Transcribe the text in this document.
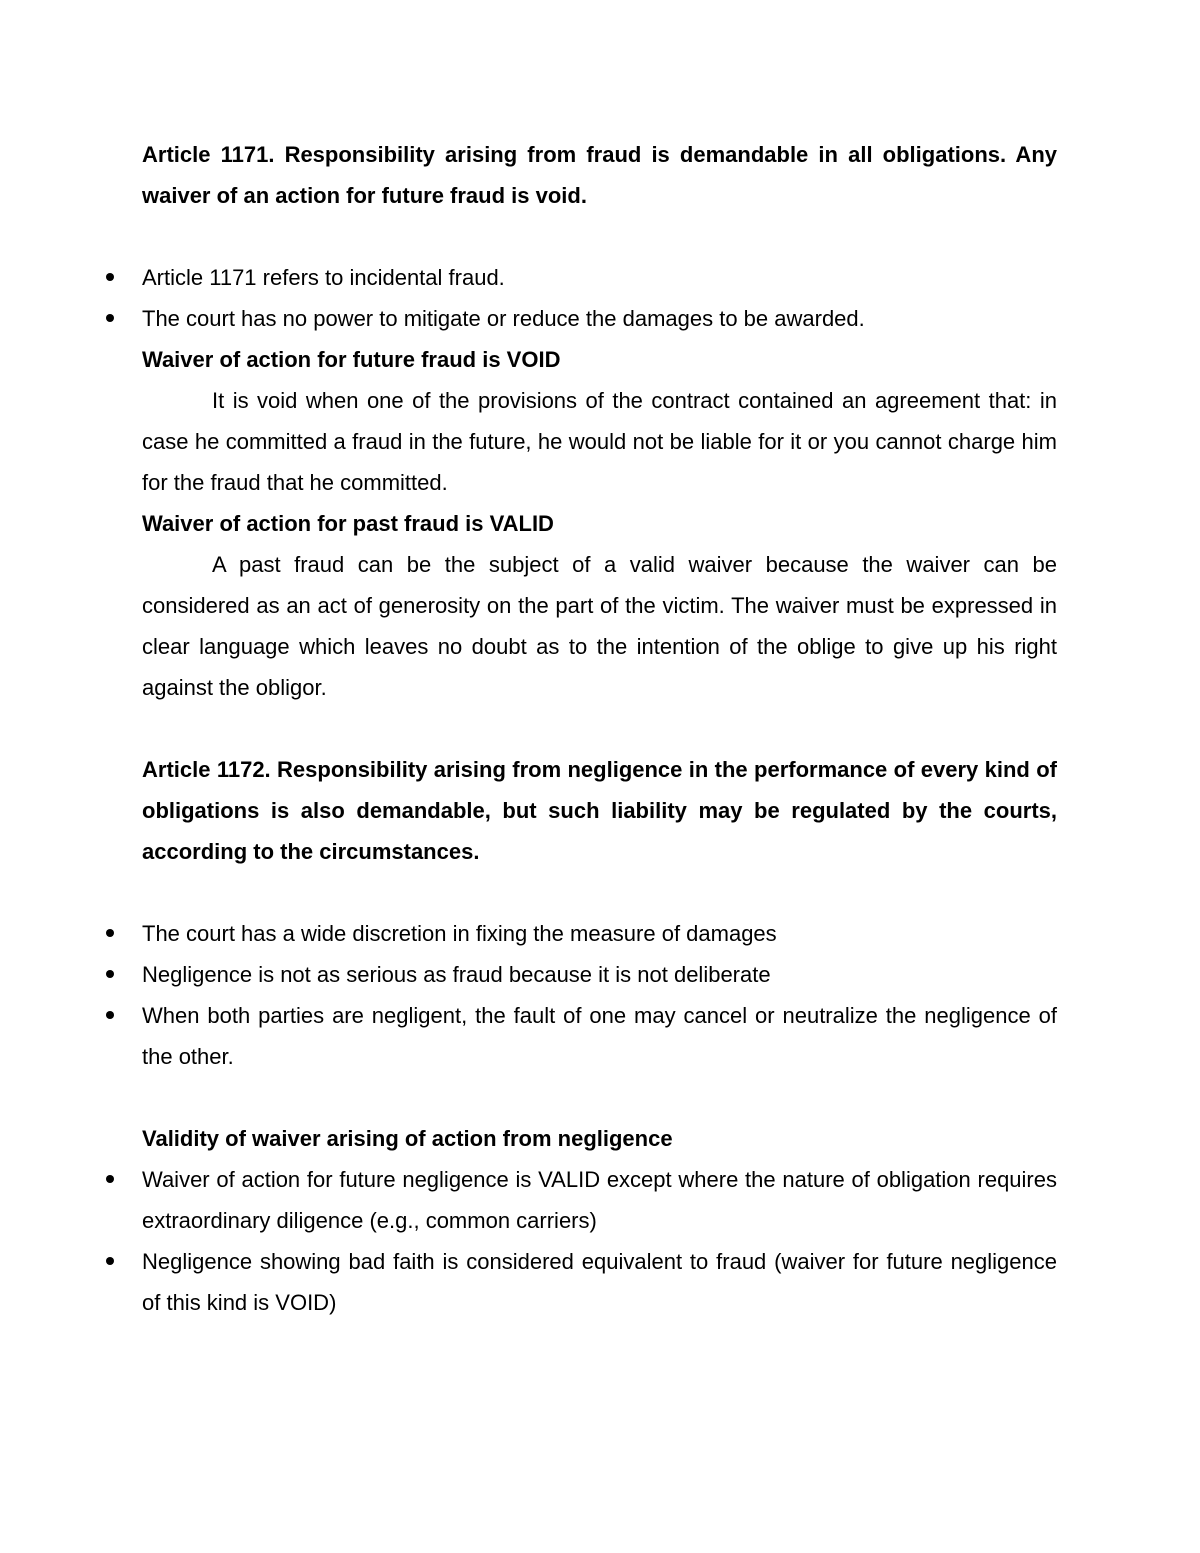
Article 1171. Responsibility arising from fraud is demandable in all obligations. Any waiver of an action for future fraud is void.

Article 1171 refers to incidental fraud.
The court has no power to mitigate or reduce the damages to be awarded.

Waiver of action for future fraud is VOID

It is void when one of the provisions of the contract contained an agreement that: in case he committed a fraud in the future, he would not be liable for it or you cannot charge him for the fraud that he committed.

Waiver of action for past fraud is VALID

A past fraud can be the subject of a valid waiver because the waiver can be considered as an act of generosity on the part of the victim. The waiver must be expressed in clear language which leaves no doubt as to the intention of the oblige to give up his right against the obligor.

Article 1172. Responsibility arising from negligence in the performance of every kind of obligations is also demandable, but such liability may be regulated by the courts, according to the circumstances.

The court has a wide discretion in fixing the measure of damages
Negligence is not as serious as fraud because it is not deliberate
When both parties are negligent, the fault of one may cancel or neutralize the negligence of the other.

Validity of waiver arising of action from negligence

Waiver of action for future negligence is VALID except where the nature of obligation requires extraordinary diligence (e.g., common carriers)
Negligence showing bad faith is considered equivalent to fraud (waiver for future negligence of this kind is VOID)
